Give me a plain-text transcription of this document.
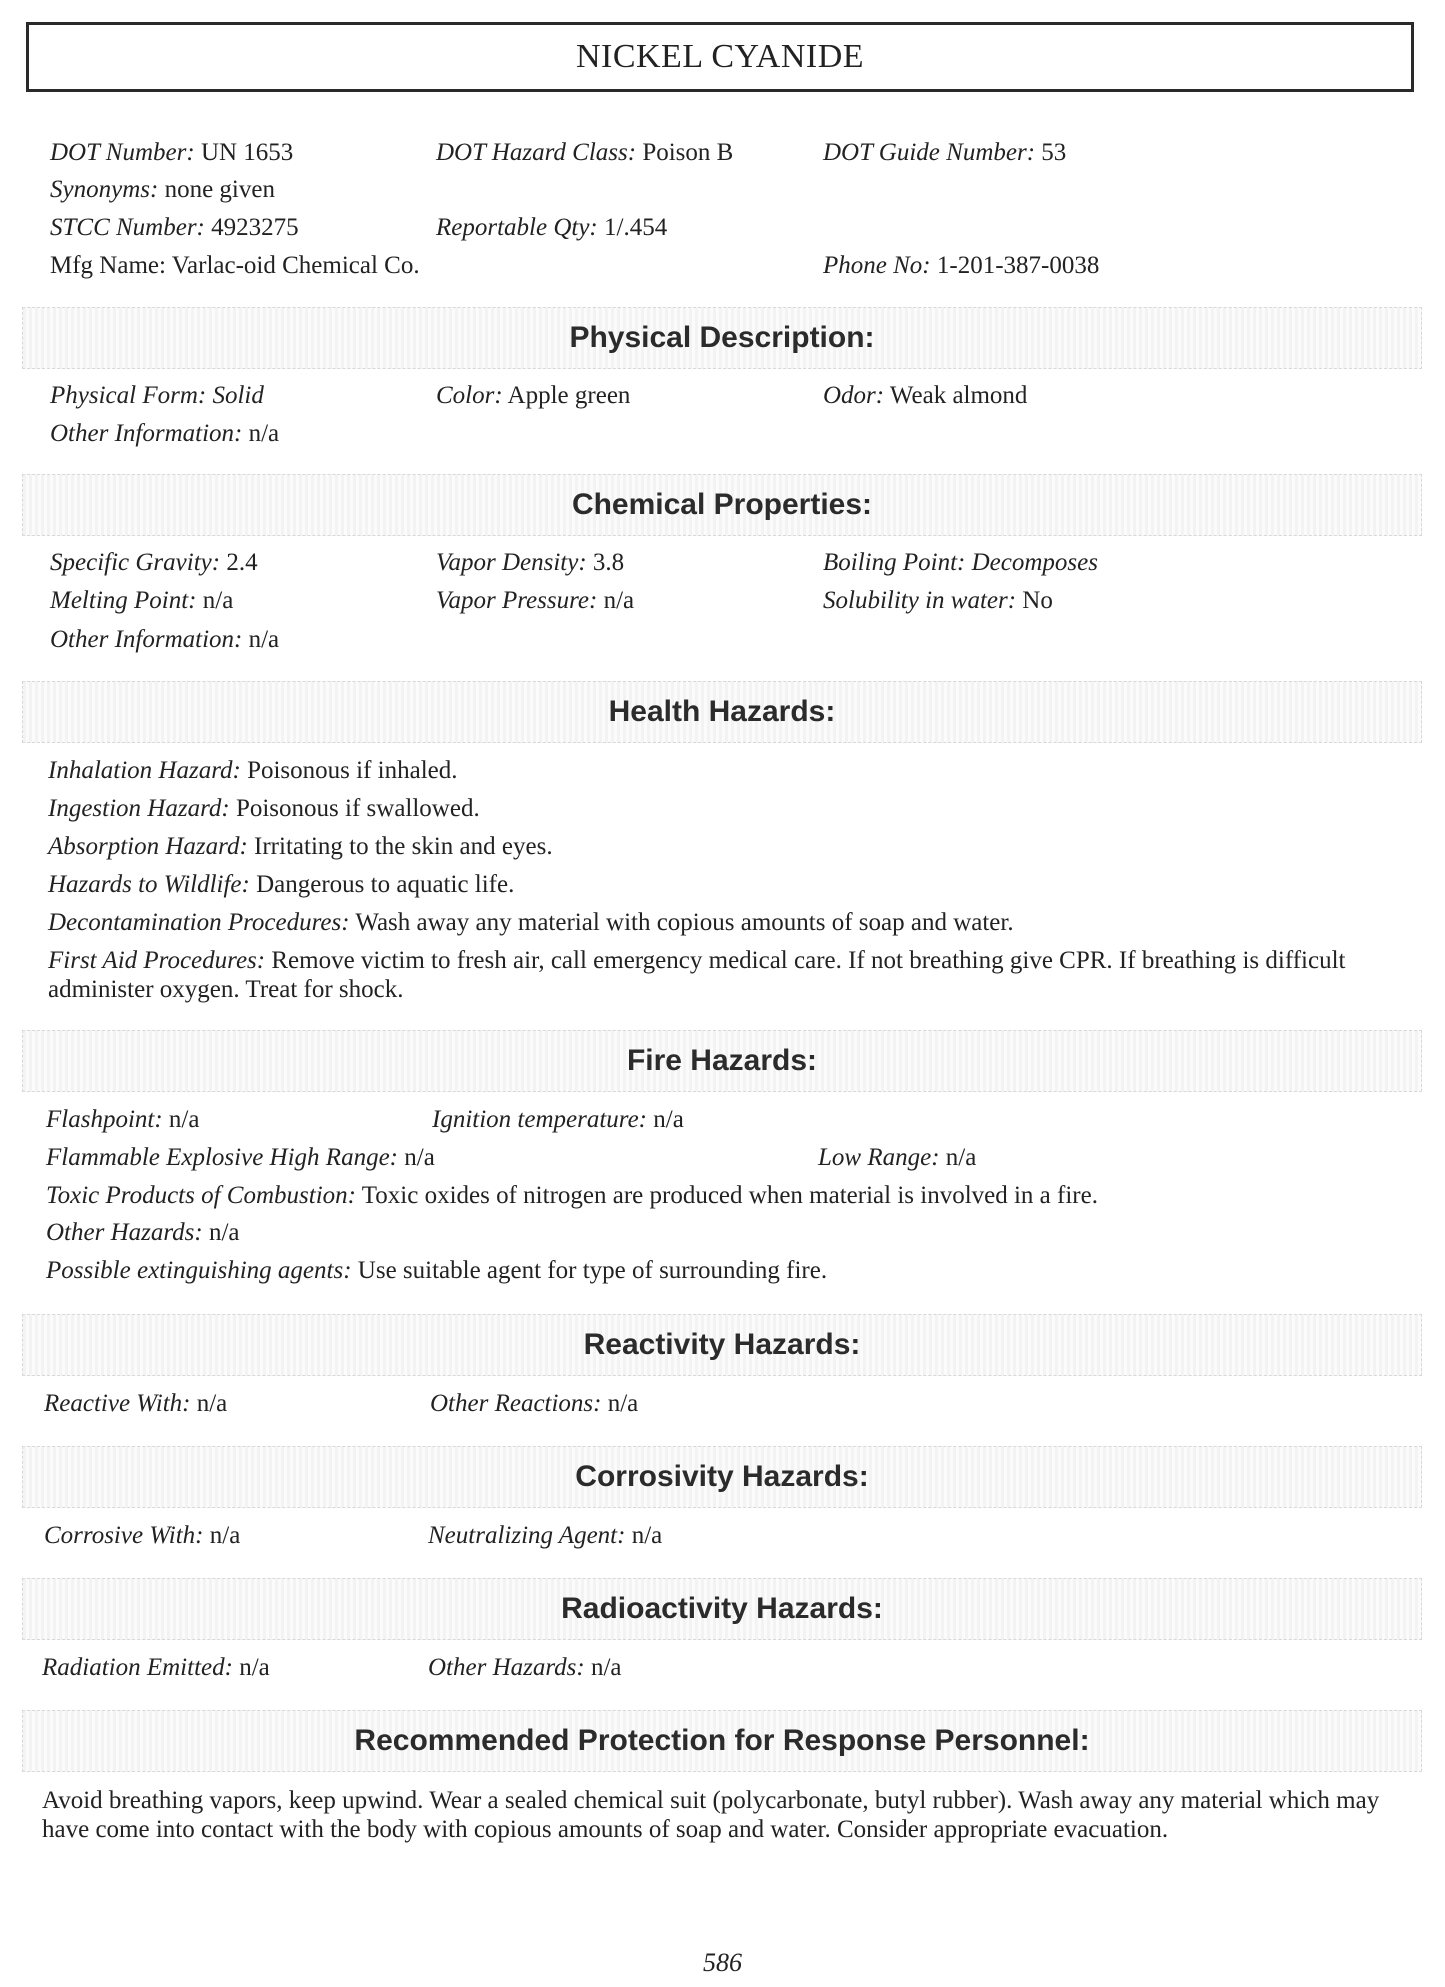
NICKEL CYANIDE
DOT Number: UN 1653	DOT Hazard Class: Poison B	DOT Guide Number: 53
Synonyms: none given
STCC Number: 4923275	Reportable Qty: 1/.454
Mfg Name: Varlac-oid Chemical Co.	Phone No: 1-201-387-0038
Physical Description:
Physical Form: Solid	Color: Apple green	Odor: Weak almond
Other Information: n/a
Chemical Properties:
Specific Gravity: 2.4	Vapor Density: 3.8	Boiling Point: Decomposes
Melting Point: n/a	Vapor Pressure: n/a	Solubility in water: No
Other Information: n/a
Health Hazards:
Inhalation Hazard: Poisonous if inhaled.
Ingestion Hazard: Poisonous if swallowed.
Absorption Hazard: Irritating to the skin and eyes.
Hazards to Wildlife: Dangerous to aquatic life.
Decontamination Procedures: Wash away any material with copious amounts of soap and water.
First Aid Procedures: Remove victim to fresh air, call emergency medical care. If not breathing give CPR. If breathing is difficult administer oxygen. Treat for shock.
Fire Hazards:
Flashpoint: n/a	Ignition temperature: n/a
Flammable Explosive High Range: n/a	Low Range: n/a
Toxic Products of Combustion: Toxic oxides of nitrogen are produced when material is involved in a fire.
Other Hazards: n/a
Possible extinguishing agents: Use suitable agent for type of surrounding fire.
Reactivity Hazards:
Reactive With: n/a	Other Reactions: n/a
Corrosivity Hazards:
Corrosive With: n/a	Neutralizing Agent: n/a
Radioactivity Hazards:
Radiation Emitted: n/a	Other Hazards: n/a
Recommended Protection for Response Personnel:
Avoid breathing vapors, keep upwind. Wear a sealed chemical suit (polycarbonate, butyl rubber). Wash away any material which may have come into contact with the body with copious amounts of soap and water. Consider appropriate evacuation.
586
